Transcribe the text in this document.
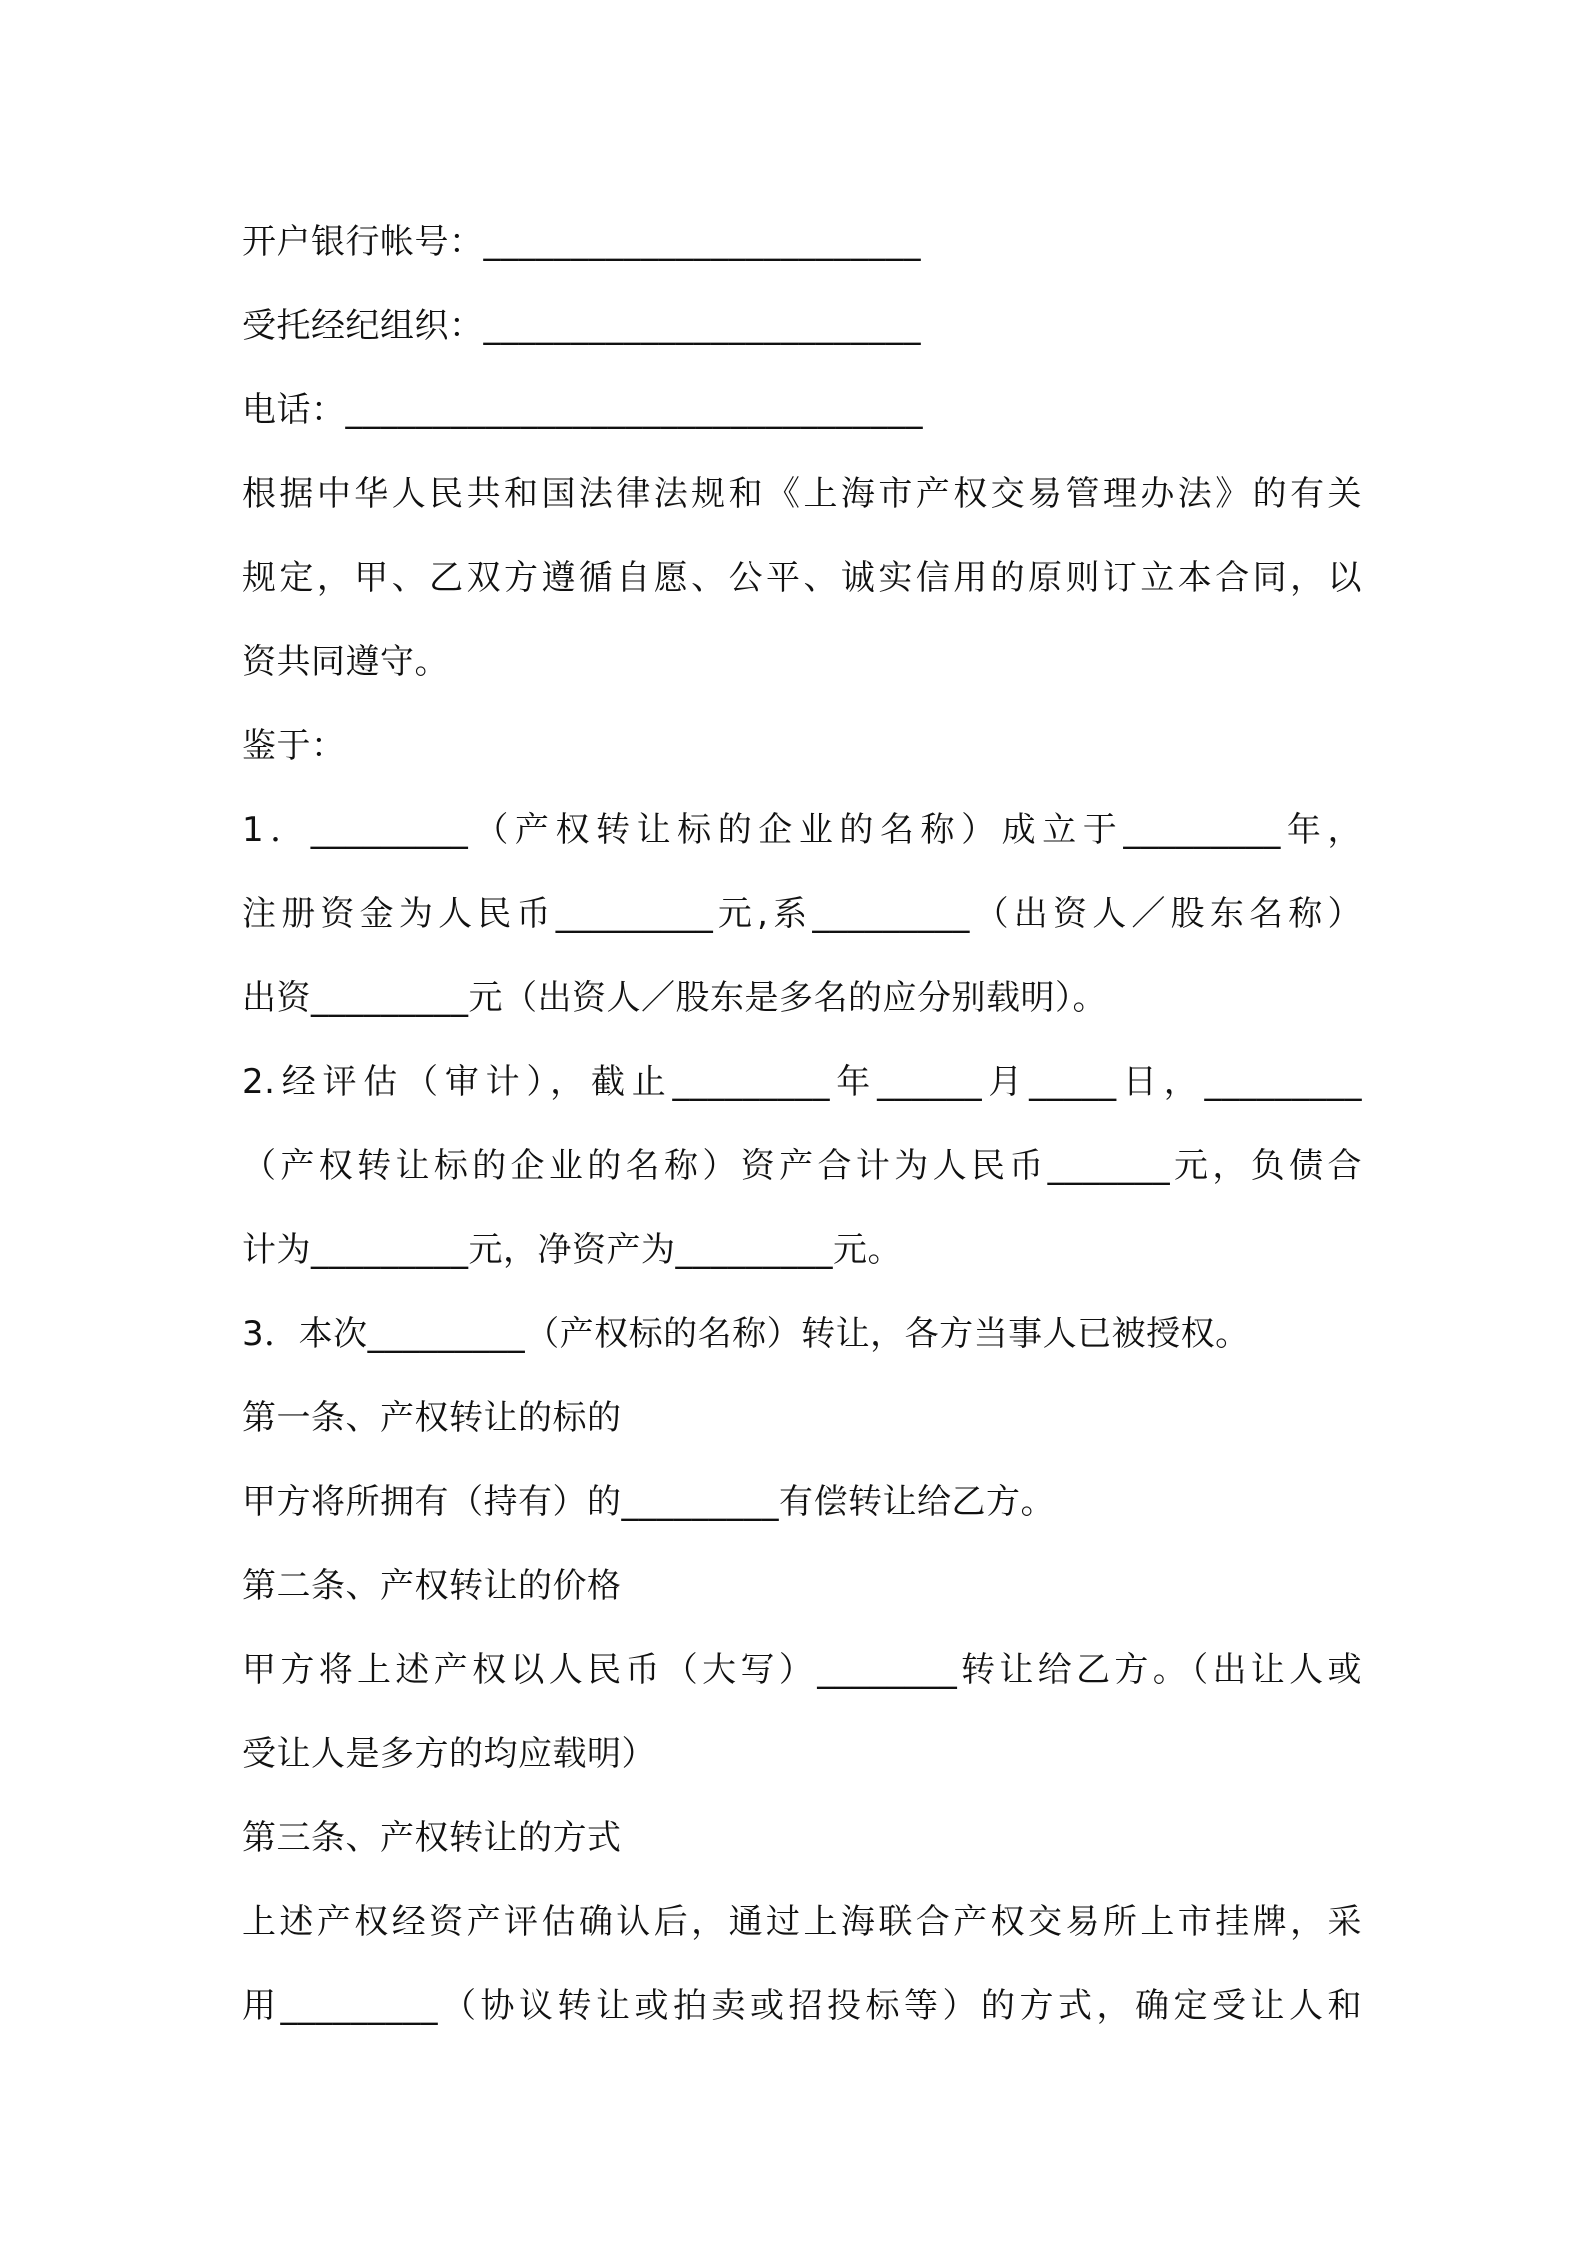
开户银行帐号：_________________________

受托经纪组织：_________________________

电话：_________________________________

根据中华人民共和国法律法规和《上海市产权交易管理办法》的有关

规定，甲、乙双方遵循自愿、公平、诚实信用的原则订立本合同，以

资共同遵守。

鉴于：

1．_________（产权转让标的企业的名称）成立于_________年，

注册资金为人民币_________元,系_________（出资人／股东名称）

出资_________元（出资人／股东是多名的应分别载明）。

2.经评估（审计），截止_________年______月_____日，_________

（产权转让标的企业的名称）资产合计为人民币_______元，负债合

计为_________元，净资产为_________元。

3．本次_________（产权标的名称）转让，各方当事人已被授权。

第一条、产权转让的标的

甲方将所拥有（持有）的_________有偿转让给乙方。

第二条、产权转让的价格

甲方将上述产权以人民币（大写）________转让给乙方。（出让人或

受让人是多方的均应载明）

第三条、产权转让的方式

上述产权经资产评估确认后，通过上海联合产权交易所上市挂牌，采

用_________（协议转让或拍卖或招投标等）的方式，确定受让人和
